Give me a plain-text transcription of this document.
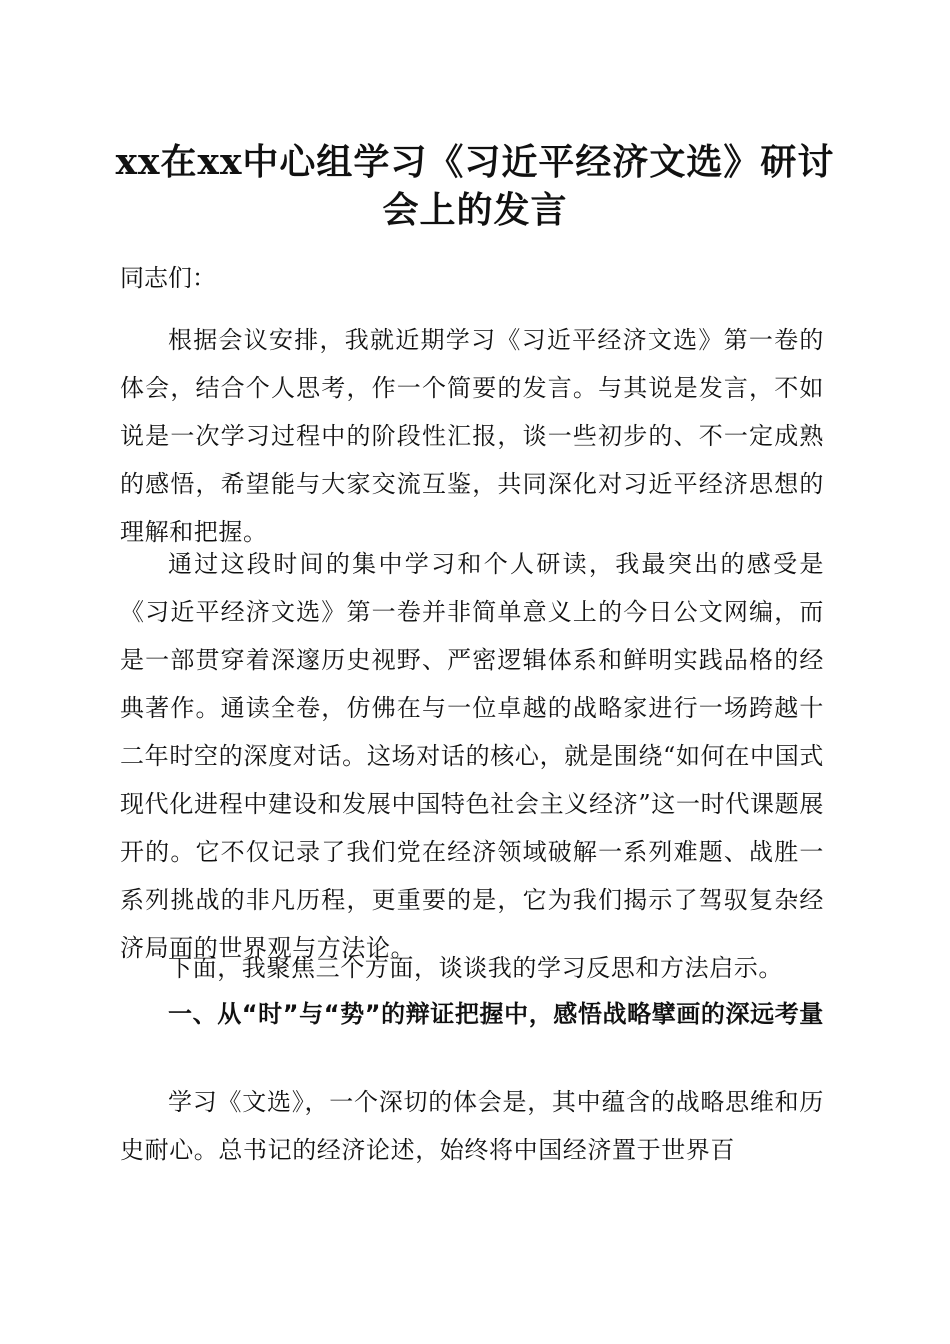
xx在xx中心组学习《习近平经济文选》研讨
会上的发言

同志们：

根据会议安排，我就近期学习《习近平经济文选》第一卷的体会，结合个人思考，作一个简要的发言。与其说是发言，不如说是一次学习过程中的阶段性汇报，谈一些初步的、不一定成熟的感悟，希望能与大家交流互鉴，共同深化对习近平经济思想的理解和把握。

通过这段时间的集中学习和个人研读，我最突出的感受是《习近平经济文选》第一卷并非简单意义上的今日公文网编，而是一部贯穿着深邃历史视野、严密逻辑体系和鲜明实践品格的经典著作。通读全卷，仿佛在与一位卓越的战略家进行一场跨越十二年时空的深度对话。这场对话的核心，就是围绕“如何在中国式现代化进程中建设和发展中国特色社会主义经济”这一时代课题展开的。它不仅记录了我们党在经济领域破解一系列难题、战胜一系列挑战的非凡历程，更重要的是，它为我们揭示了驾驭复杂经济局面的世界观与方法论。

下面，我聚焦三个方面，谈谈我的学习反思和方法启示。

一、从“时”与“势”的辩证把握中，感悟战略擘画的深远考量

学习《文选》，一个深切的体会是，其中蕴含的战略思维和历史耐心。总书记的经济论述，始终将中国经济置于世界百
